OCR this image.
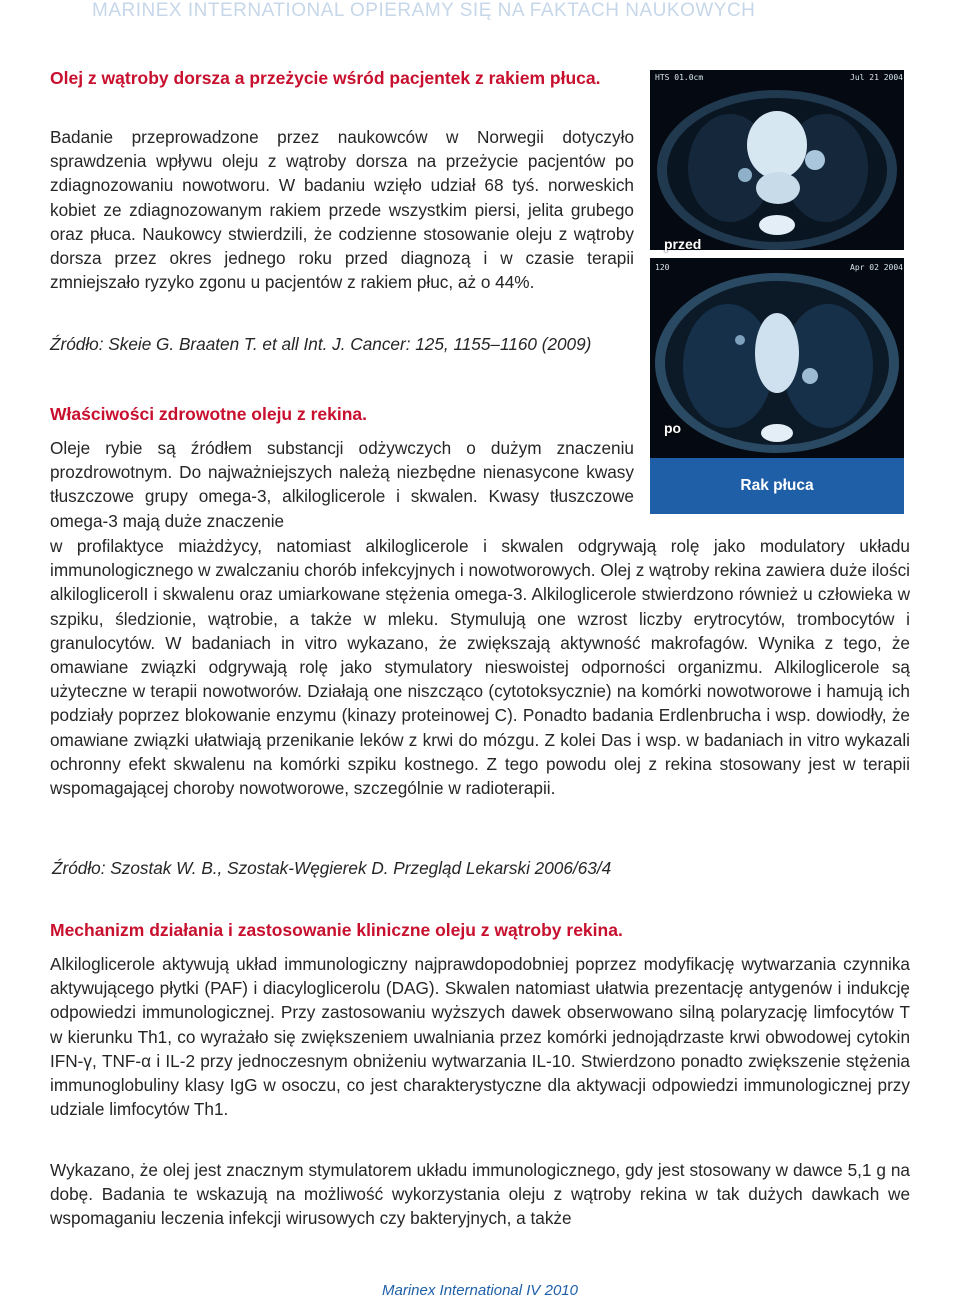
MARINEX INTERNATIONAL OPIERAMY SIĘ NA FAKTACH NAUKOWYCH
Olej z wątroby dorsza a przeżycie wśród pacjentek z rakiem płuca.
Badanie przeprowadzone przez naukowców w Norwegii dotyczyło sprawdzenia wpływu oleju z wątroby dorsza na przeżycie pacjentów po zdiagnozowaniu nowotworu. W badaniu wzięło udział 68 tyś. norweskich kobiet ze zdiagnozowanym rakiem przede wszystkim piersi, jelita grubego oraz płuca. Naukowcy stwierdzili, że codzienne stosowanie oleju z wątroby dorsza przez okres jednego roku przed diagnozą i w czasie terapii zmniejszało ryzyko zgonu u pacjentów z rakiem płuc, aż o 44%.
Źródło: Skeie G. Braaten T. et all Int. J. Cancer: 125, 1155–1160 (2009)
Właściwości zdrowotne oleju z rekina.
Oleje rybie są źródłem substancji odżywczych o dużym znaczeniu prozdrowotnym. Do najważniejszych należą niezbędne nienasycone kwasy tłuszczowe grupy omega-3, alkiloglicerole i skwalen. Kwasy tłuszczowe omega-3 mają duże znaczenie
w profilaktyce miażdżycy, natomiast alkiloglicerole i skwalen odgrywają rolę jako modulatory układu immunologicznego w zwalczaniu chorób infekcyjnych i nowotworowych. Olej z wątroby rekina zawiera duże ilości alkiloglicerolI i skwalenu oraz umiarkowane stężenia omega-3. Alkiloglicerole stwierdzono również u człowieka w szpiku, śledzionie, wątrobie, a także w mleku. Stymulują one wzrost liczby erytrocytów, trombocytów i granulocytów. W badaniach in vitro wykazano, że zwiększają aktywność makrofagów. Wynika z tego, że omawiane związki odgrywają rolę jako stymulatory nieswoistej odporności organizmu. Alkiloglicerole są użyteczne w terapii nowotworów. Działają one niszcząco (cytotoksycznie) na komórki nowotworowe i hamują ich podziały poprzez blokowanie enzymu (kinazy proteinowej C). Ponadto badania Erdlenbrucha i wsp. dowiodły, że omawiane związki ułatwiają przenikanie leków z krwi do mózgu. Z kolei Das i wsp. w badaniach in vitro wykazali ochronny efekt skwalenu na komórki szpiku kostnego. Z tego powodu olej z rekina stosowany jest w terapii wspomagającej choroby nowotworowe, szczególnie w radioterapii.
Źródło: Szostak W. B., Szostak-Węgierek D. Przegląd Lekarski 2006/63/4
Mechanizm działania i zastosowanie kliniczne oleju z wątroby rekina.
Alkiloglicerole aktywują układ immunologiczny najprawdopodobniej poprzez modyfikację wytwarzania czynnika aktywującego płytki (PAF) i diacyloglicerolu (DAG). Skwalen natomiast ułatwia prezentację antygenów i indukcję odpowiedzi immunologicznej. Przy zastosowaniu wyższych dawek obserwowano silną polaryzację limfocytów T w kierunku Th1, co wyrażało się zwiększeniem uwalniania przez komórki jednojądrzaste krwi obwodowej cytokin IFN-γ, TNF-α i IL-2 przy jednoczesnym obniżeniu wytwarzania IL-10. Stwierdzono ponadto zwiększenie stężenia immunoglobuliny klasy IgG w osoczu, co jest charakterystyczne dla aktywacji odpowiedzi immunologicznej przy udziale limfocytów Th1.
Wykazano, że olej jest znacznym stymulatorem układu immunologicznego, gdy jest stosowany w dawce 5,1 g na dobę. Badania te wskazują na możliwość wykorzystania oleju z wątroby rekina w tak dużych dawkach we wspomaganiu leczenia infekcji wirusowych czy bakteryjnych, a także
HTS 01.0cm	Jul 21 2004
przed
120	Apr 02 2004
po
Rak płuca
Marinex International IV 2010
